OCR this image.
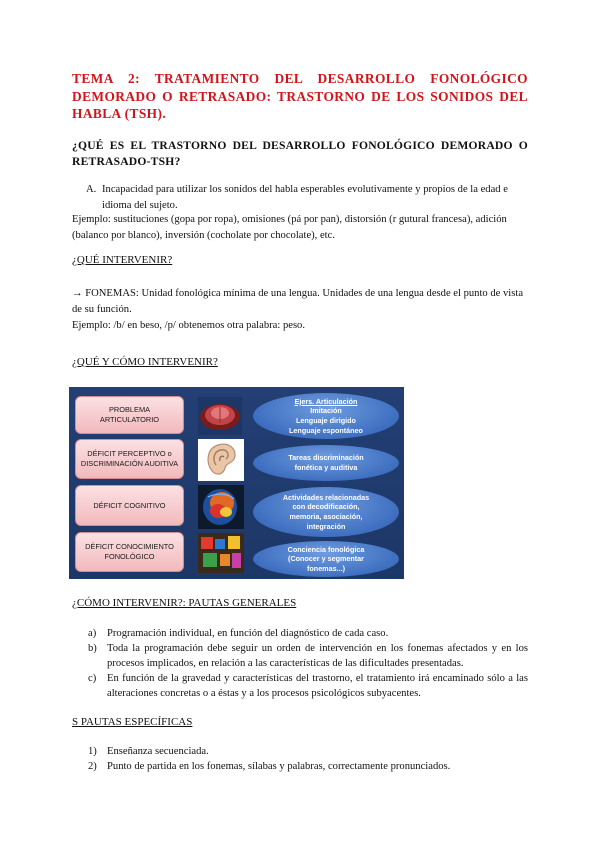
TEMA 2: TRATAMIENTO DEL DESARROLLO FONOLÓGICO DEMORADO O RETRASADO: TRASTORNO DE LOS SONIDOS DEL HABLA (TSH).
¿QUÉ ES EL TRASTORNO DEL DESARROLLO FONOLÓGICO DEMORADO O RETRASADO-TSH?
A. Incapacidad para utilizar los sonidos del habla esperables evolutivamente y propios de la edad e idioma del sujeto.
Ejemplo: sustituciones (gopa por ropa), omisiones (pá por pan), distorsión (r gutural francesa), adición (balanco por blanco), inversión (cocholate por chocolate), etc.
¿QUÉ INTERVENIR?
→ FONEMAS: Unidad fonológica mínima de una lengua. Unidades de una lengua desde el punto de vista de su función.
Ejemplo: /b/ en beso, /p/ obtenemos otra palabra: peso.
¿QUÉ Y CÓMO INTERVENIR?
PROBLEMA ARTICULATORIO
DÉFICIT PERCEPTIVO o DISCRIMINACIÓN AUDITIVA
DÉFICIT COGNITIVO
DÉFICIT CONOCIMIENTO FONOLÓGICO
Ejers. Articulación
Imitación
Lenguaje dirigido
Lenguaje espontáneo
Tareas discriminación
fonética y auditiva
Actividades relacionadas
con decodificación,
memoria, asociación,
integración
Conciencia fonológica
(Conocer y segmentar
fonemas...)
¿CÓMO INTERVENIR?: PAUTAS GENERALES
a) Programación individual, en función del diagnóstico de cada caso.
b) Toda la programación debe seguir un orden de intervención en los fonemas afectados y en los procesos implicados, en relación a las características de las dificultades presentadas.
c) En función de la gravedad y características del trastorno, el tratamiento irá encaminado sólo a las alteraciones concretas o a éstas y a los procesos psicológicos subyacentes.
S PAUTAS ESPECÍFICAS
1) Enseñanza secuenciada.
2) Punto de partida en los fonemas, sílabas y palabras, correctamente pronunciados.
